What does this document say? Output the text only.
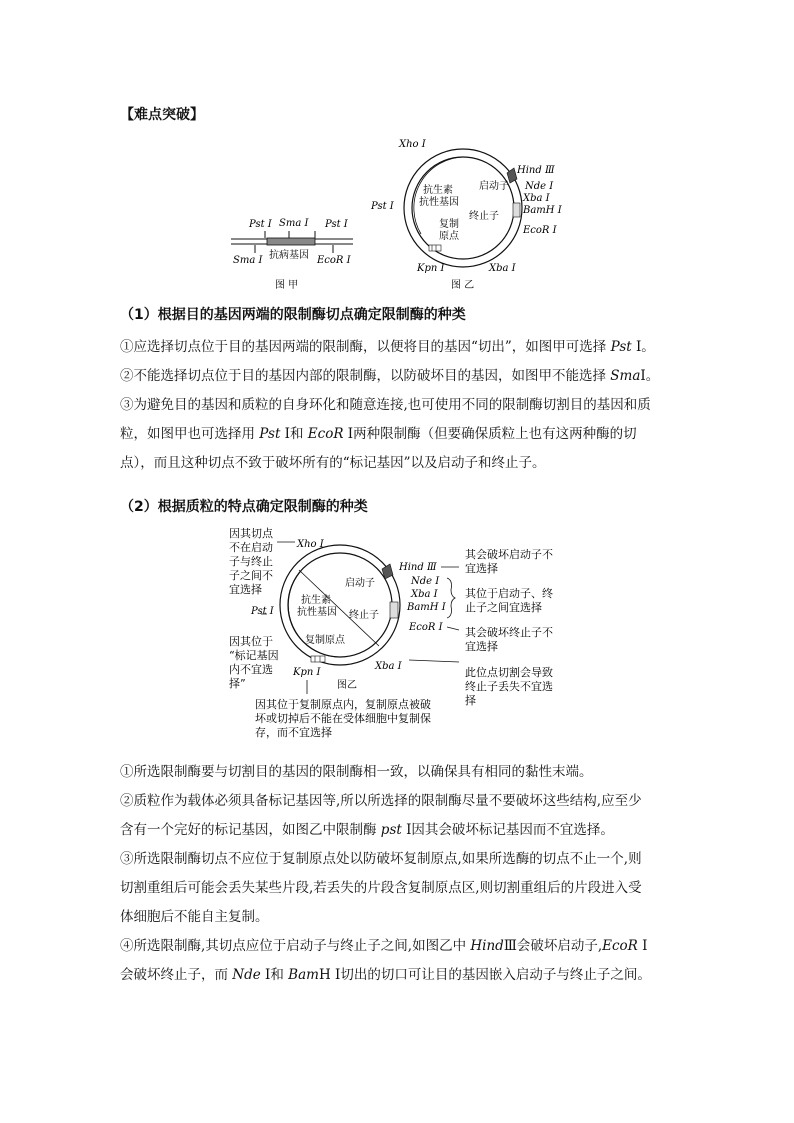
【难点突破】
Pst Ⅰ Sma Ⅰ Pst Ⅰ
Sma Ⅰ 抗病基因 EcoR Ⅰ
图 甲
Xho Ⅰ
Hind Ⅲ
启动子 Nde Ⅰ
Xba Ⅰ
BamH Ⅰ
Pst Ⅰ
抗生素
抗性基因
终止子
复制
原点
EcoR Ⅰ
Kpn Ⅰ	Xba Ⅰ
图 乙
（1）根据目的基因两端的限制酶切点确定限制酶的种类

①应选择切点位于目的基因两端的限制酶，以便将目的基因“切出”，如图甲可选择 Pst Ⅰ。

②不能选择切点位于目的基因内部的限制酶，以防破坏目的基因，如图甲不能选择 SmaⅠ。

③为避免目的基因和质粒的自身环化和随意连接,也可使用不同的限制酶切割目的基因和质

粒，如图甲也可选择用 Pst Ⅰ和 EcoR Ⅰ两种限制酶（但要确保质粒上也有这两种酶的切

点），而且这种切点不致于破坏所有的“标记基因”以及启动子和终止子。

（2）根据质粒的特点确定限制酶的种类
Xho Ⅰ
Hind Ⅲ
启动子	Nde Ⅰ
Xba Ⅰ
BamH Ⅰ
Pst Ⅰ
抗生素
抗性基因 终止子
复制原点
EcoR Ⅰ
Kpn Ⅰ
Xba Ⅰ
图乙
因其切点
不在启动
子与终止
子之间不
宜选择
因其位于
“标记基因
内不宜选
择”
因其位于复制原点内，复制原点被破
坏或切掉后不能在受体细胞中复制保
存，而不宜选择
其会破坏启动子不
宜选择
其位于启动子、终
止子之间宜选择
其会破坏终止子不
宜选择
此位点切割会导致
终止子丢失不宜选
择

①所选限制酶要与切割目的基因的限制酶相一致，以确保具有相同的黏性末端。

②质粒作为载体必须具备标记基因等,所以所选择的限制酶尽量不要破坏这些结构,应至少

含有一个完好的标记基因，如图乙中限制酶 pst Ⅰ因其会破坏标记基因而不宜选择。

③所选限制酶切点不应位于复制原点处以防破坏复制原点,如果所选酶的切点不止一个,则

切割重组后可能会丢失某些片段,若丢失的片段含复制原点区,则切割重组后的片段进入受

体细胞后不能自主复制。

④所选限制酶,其切点应位于启动子与终止子之间,如图乙中 HindⅢ会破坏启动子,EcoR Ⅰ

会破坏终止子，而 Nde Ⅰ和 BamH Ⅰ切出的切口可让目的基因嵌入启动子与终止子之间。
